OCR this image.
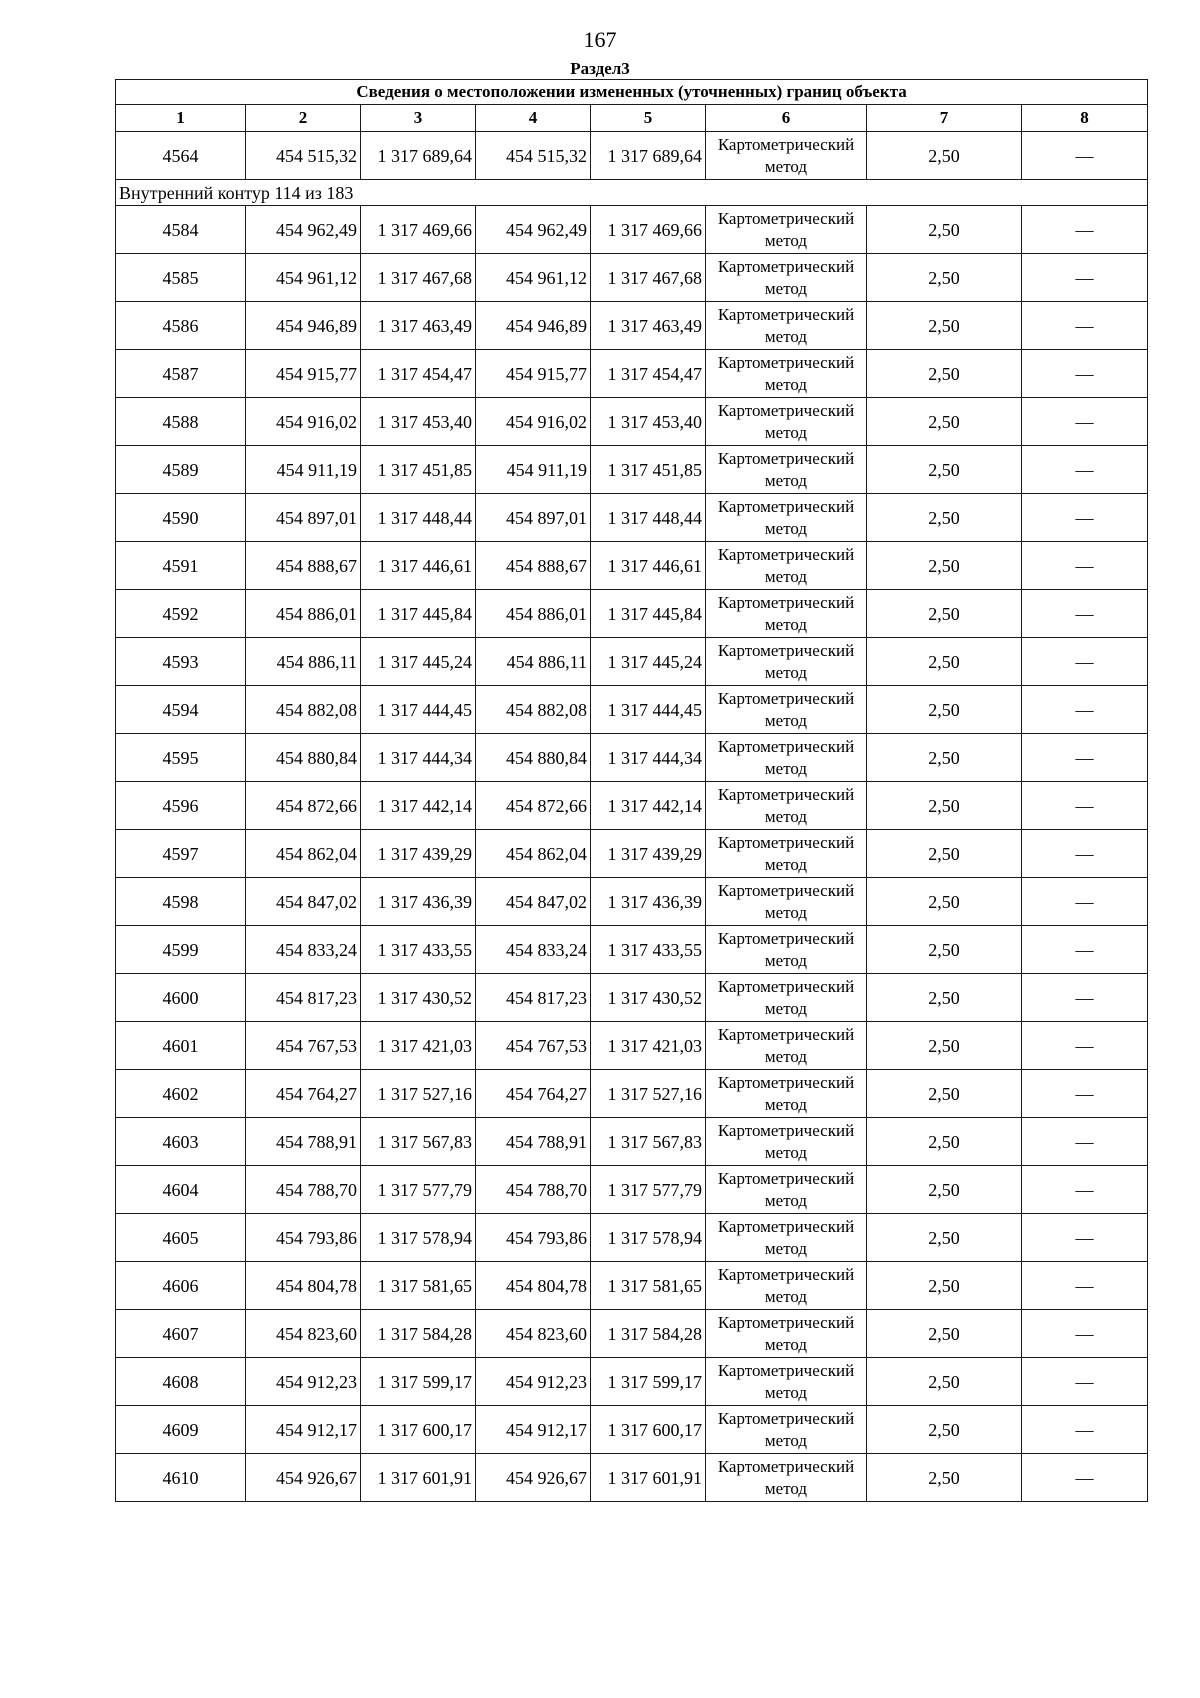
167
Раздел3
Сведения о местоположении измененных (уточненных) границ объекта							
1	2	3	4	5	6	7	8
4564	454 515,32	1 317 689,64	454 515,32	1 317 689,64	Картометрический метод	2,50	—
Внутренний контур 114 из 183							
4584	454 962,49	1 317 469,66	454 962,49	1 317 469,66	Картометрический метод	2,50	—
4585	454 961,12	1 317 467,68	454 961,12	1 317 467,68	Картометрический метод	2,50	—
4586	454 946,89	1 317 463,49	454 946,89	1 317 463,49	Картометрический метод	2,50	—
4587	454 915,77	1 317 454,47	454 915,77	1 317 454,47	Картометрический метод	2,50	—
4588	454 916,02	1 317 453,40	454 916,02	1 317 453,40	Картометрический метод	2,50	—
4589	454 911,19	1 317 451,85	454 911,19	1 317 451,85	Картометрический метод	2,50	—
4590	454 897,01	1 317 448,44	454 897,01	1 317 448,44	Картометрический метод	2,50	—
4591	454 888,67	1 317 446,61	454 888,67	1 317 446,61	Картометрический метод	2,50	—
4592	454 886,01	1 317 445,84	454 886,01	1 317 445,84	Картометрический метод	2,50	—
4593	454 886,11	1 317 445,24	454 886,11	1 317 445,24	Картометрический метод	2,50	—
4594	454 882,08	1 317 444,45	454 882,08	1 317 444,45	Картометрический метод	2,50	—
4595	454 880,84	1 317 444,34	454 880,84	1 317 444,34	Картометрический метод	2,50	—
4596	454 872,66	1 317 442,14	454 872,66	1 317 442,14	Картометрический метод	2,50	—
4597	454 862,04	1 317 439,29	454 862,04	1 317 439,29	Картометрический метод	2,50	—
4598	454 847,02	1 317 436,39	454 847,02	1 317 436,39	Картометрический метод	2,50	—
4599	454 833,24	1 317 433,55	454 833,24	1 317 433,55	Картометрический метод	2,50	—
4600	454 817,23	1 317 430,52	454 817,23	1 317 430,52	Картометрический метод	2,50	—
4601	454 767,53	1 317 421,03	454 767,53	1 317 421,03	Картометрический метод	2,50	—
4602	454 764,27	1 317 527,16	454 764,27	1 317 527,16	Картометрический метод	2,50	—
4603	454 788,91	1 317 567,83	454 788,91	1 317 567,83	Картометрический метод	2,50	—
4604	454 788,70	1 317 577,79	454 788,70	1 317 577,79	Картометрический метод	2,50	—
4605	454 793,86	1 317 578,94	454 793,86	1 317 578,94	Картометрический метод	2,50	—
4606	454 804,78	1 317 581,65	454 804,78	1 317 581,65	Картометрический метод	2,50	—
4607	454 823,60	1 317 584,28	454 823,60	1 317 584,28	Картометрический метод	2,50	—
4608	454 912,23	1 317 599,17	454 912,23	1 317 599,17	Картометрический метод	2,50	—
4609	454 912,17	1 317 600,17	454 912,17	1 317 600,17	Картометрический метод	2,50	—
4610	454 926,67	1 317 601,91	454 926,67	1 317 601,91	Картометрический метод	2,50	—
